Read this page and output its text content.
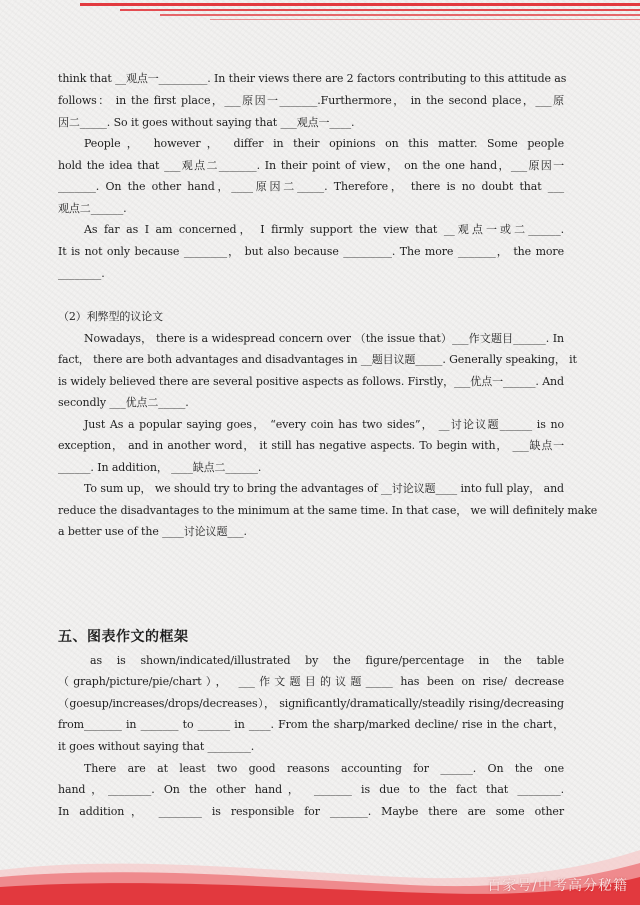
think that __观点一_________. In their views there are 2 factors contributing to this attitude as
follows： in the first place，___原因一_______.Furthermore， in the second place，___原
因二_____. So it goes without saying that ___观点一____.
People， however， differ in their opinions on this matter. Some people
hold the idea that ___观点二_______. In their point of view， on the one hand，___原因一
_______. On the other hand，____原因二_____. Therefore， there is no doubt that ___
观点二______.
As far as I am concerned， I firmly support the view that __观点一或二______.
It is not only because ________， but also because _________. The more _______， the more
________.
（2）利弊型的议论文
Nowadays， there is a widespread concern over （the issue that）___作文题目______. In
fact， there are both advantages and disadvantages in __题目议题_____. Generally speaking， it
is widely believed there are several positive aspects as follows. Firstly，___优点一______. And
secondly ___优点二_____.
Just As a popular saying goes， “every coin has two sides”， __讨论议题______ is no
exception， and in another word， it still has negative aspects. To begin with， ___缺点一
______. In addition， ____缺点二______.
To sum up， we should try to bring the advantages of __讨论议题____ into full play， and
reduce the disadvantages to the minimum at the same time. In that case， we will definitely make
a better use of the ____讨论议题___.
五、图表作文的框架
as is shown/indicated/illustrated by the figure/percentage in the table
（graph/picture/pie/chart）， ___作文题目的议题_____ has been on rise/ decrease
（goesup/increases/drops/decreases）， significantly/dramatically/steadily rising/decreasing
from_______ in _______ to ______ in ____. From the sharp/marked decline/ rise in the chart，
it goes without saying that ________.
There are at least two good reasons accounting for ______. On the one
hand，________. On the other hand， _______ is due to the fact that ________.
In addition， ________ is responsible for _______. Maybe there are some other
百家号/中考高分秘籍
